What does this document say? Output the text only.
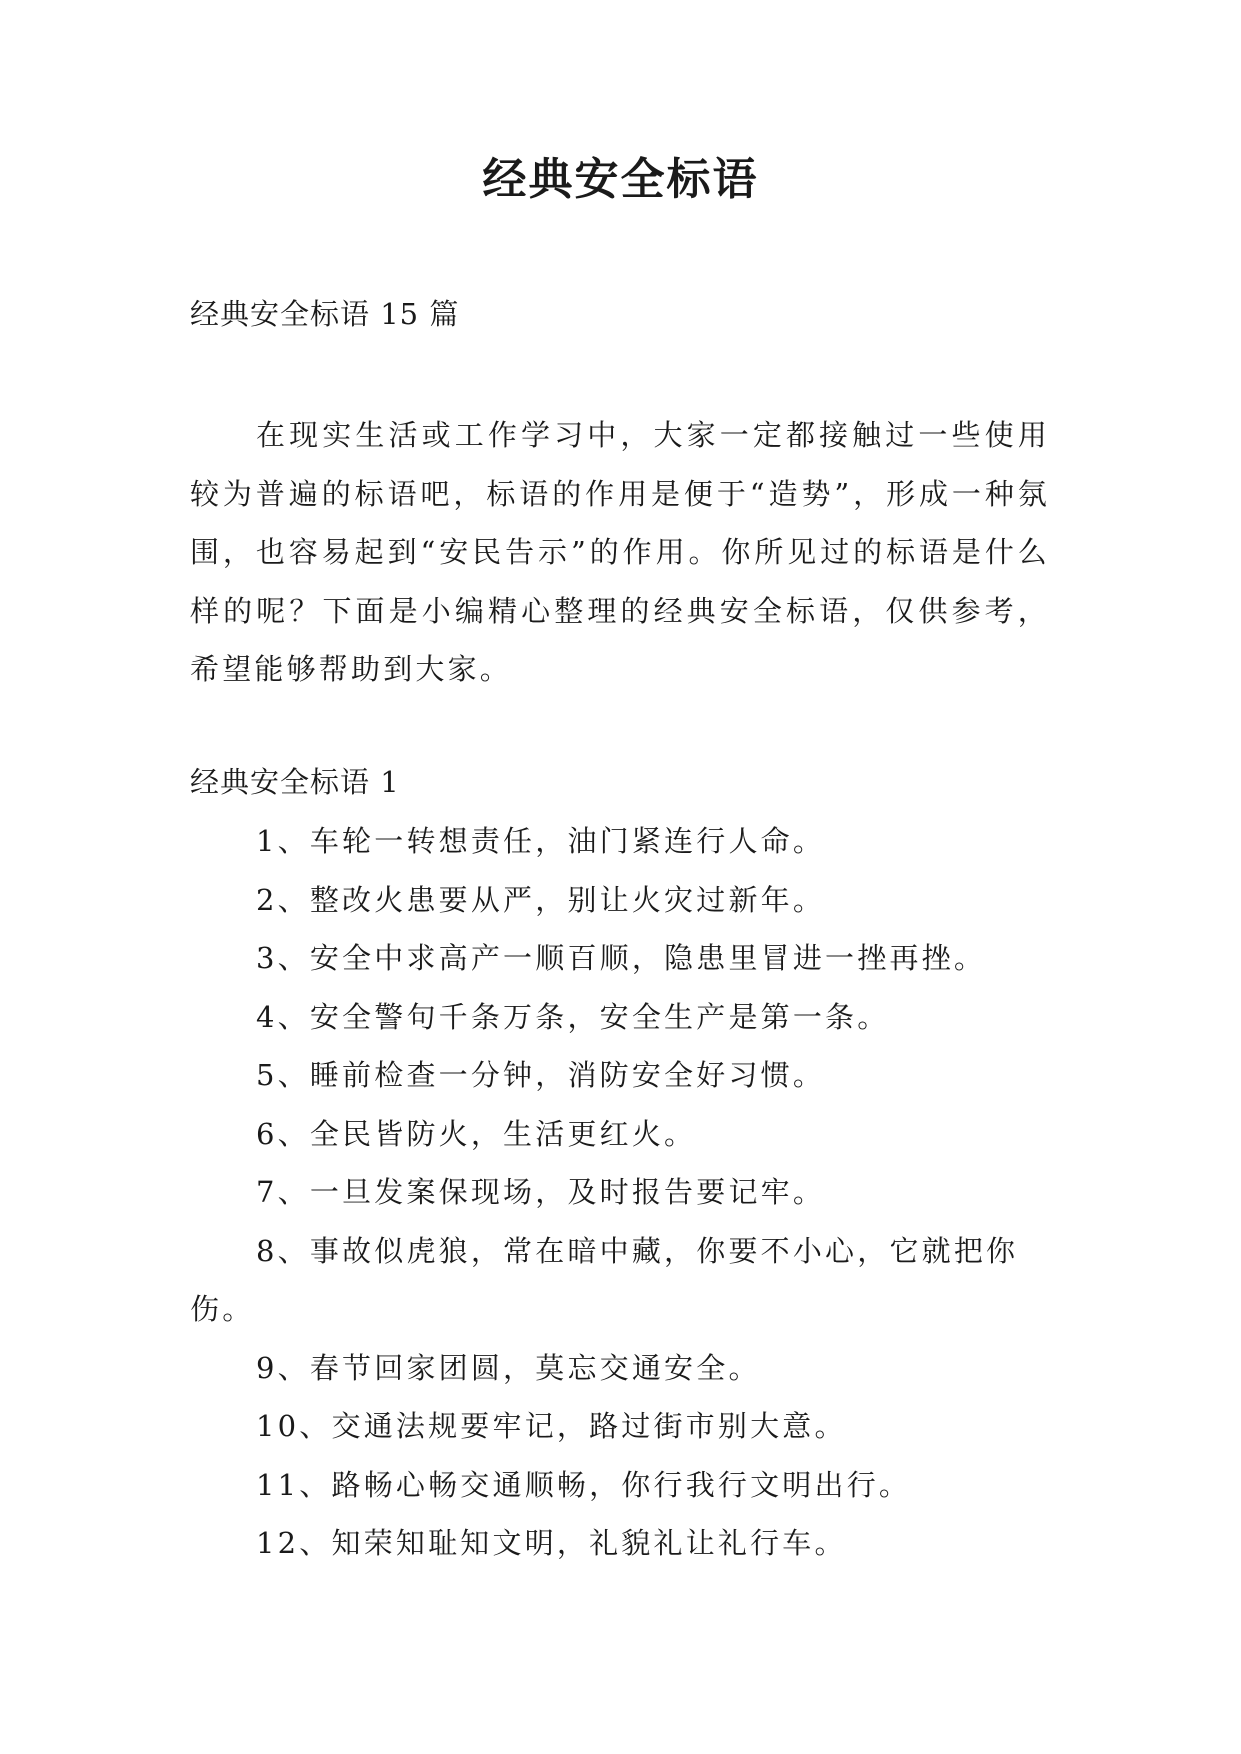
经典安全标语
经典安全标语 15 篇

在现实生活或工作学习中，大家一定都接触过一些使用较为普遍的标语吧，标语的作用是便于“造势”，形成一种氛围，也容易起到“安民告示”的作用。你所见过的标语是什么样的呢？下面是小编精心整理的经典安全标语，仅供参考，希望能够帮助到大家。

经典安全标语 1
1、车轮一转想责任，油门紧连行人命。
2、整改火患要从严，别让火灾过新年。
3、安全中求高产一顺百顺，隐患里冒进一挫再挫。
4、安全警句千条万条，安全生产是第一条。
5、睡前检查一分钟，消防安全好习惯。
6、全民皆防火，生活更红火。
7、一旦发案保现场，及时报告要记牢。
8、事故似虎狼，常在暗中藏，你要不小心，它就把你伤。
9、春节回家团圆，莫忘交通安全。
10、交通法规要牢记，路过街市别大意。
11、路畅心畅交通顺畅，你行我行文明出行。
12、知荣知耻知文明，礼貌礼让礼行车。
